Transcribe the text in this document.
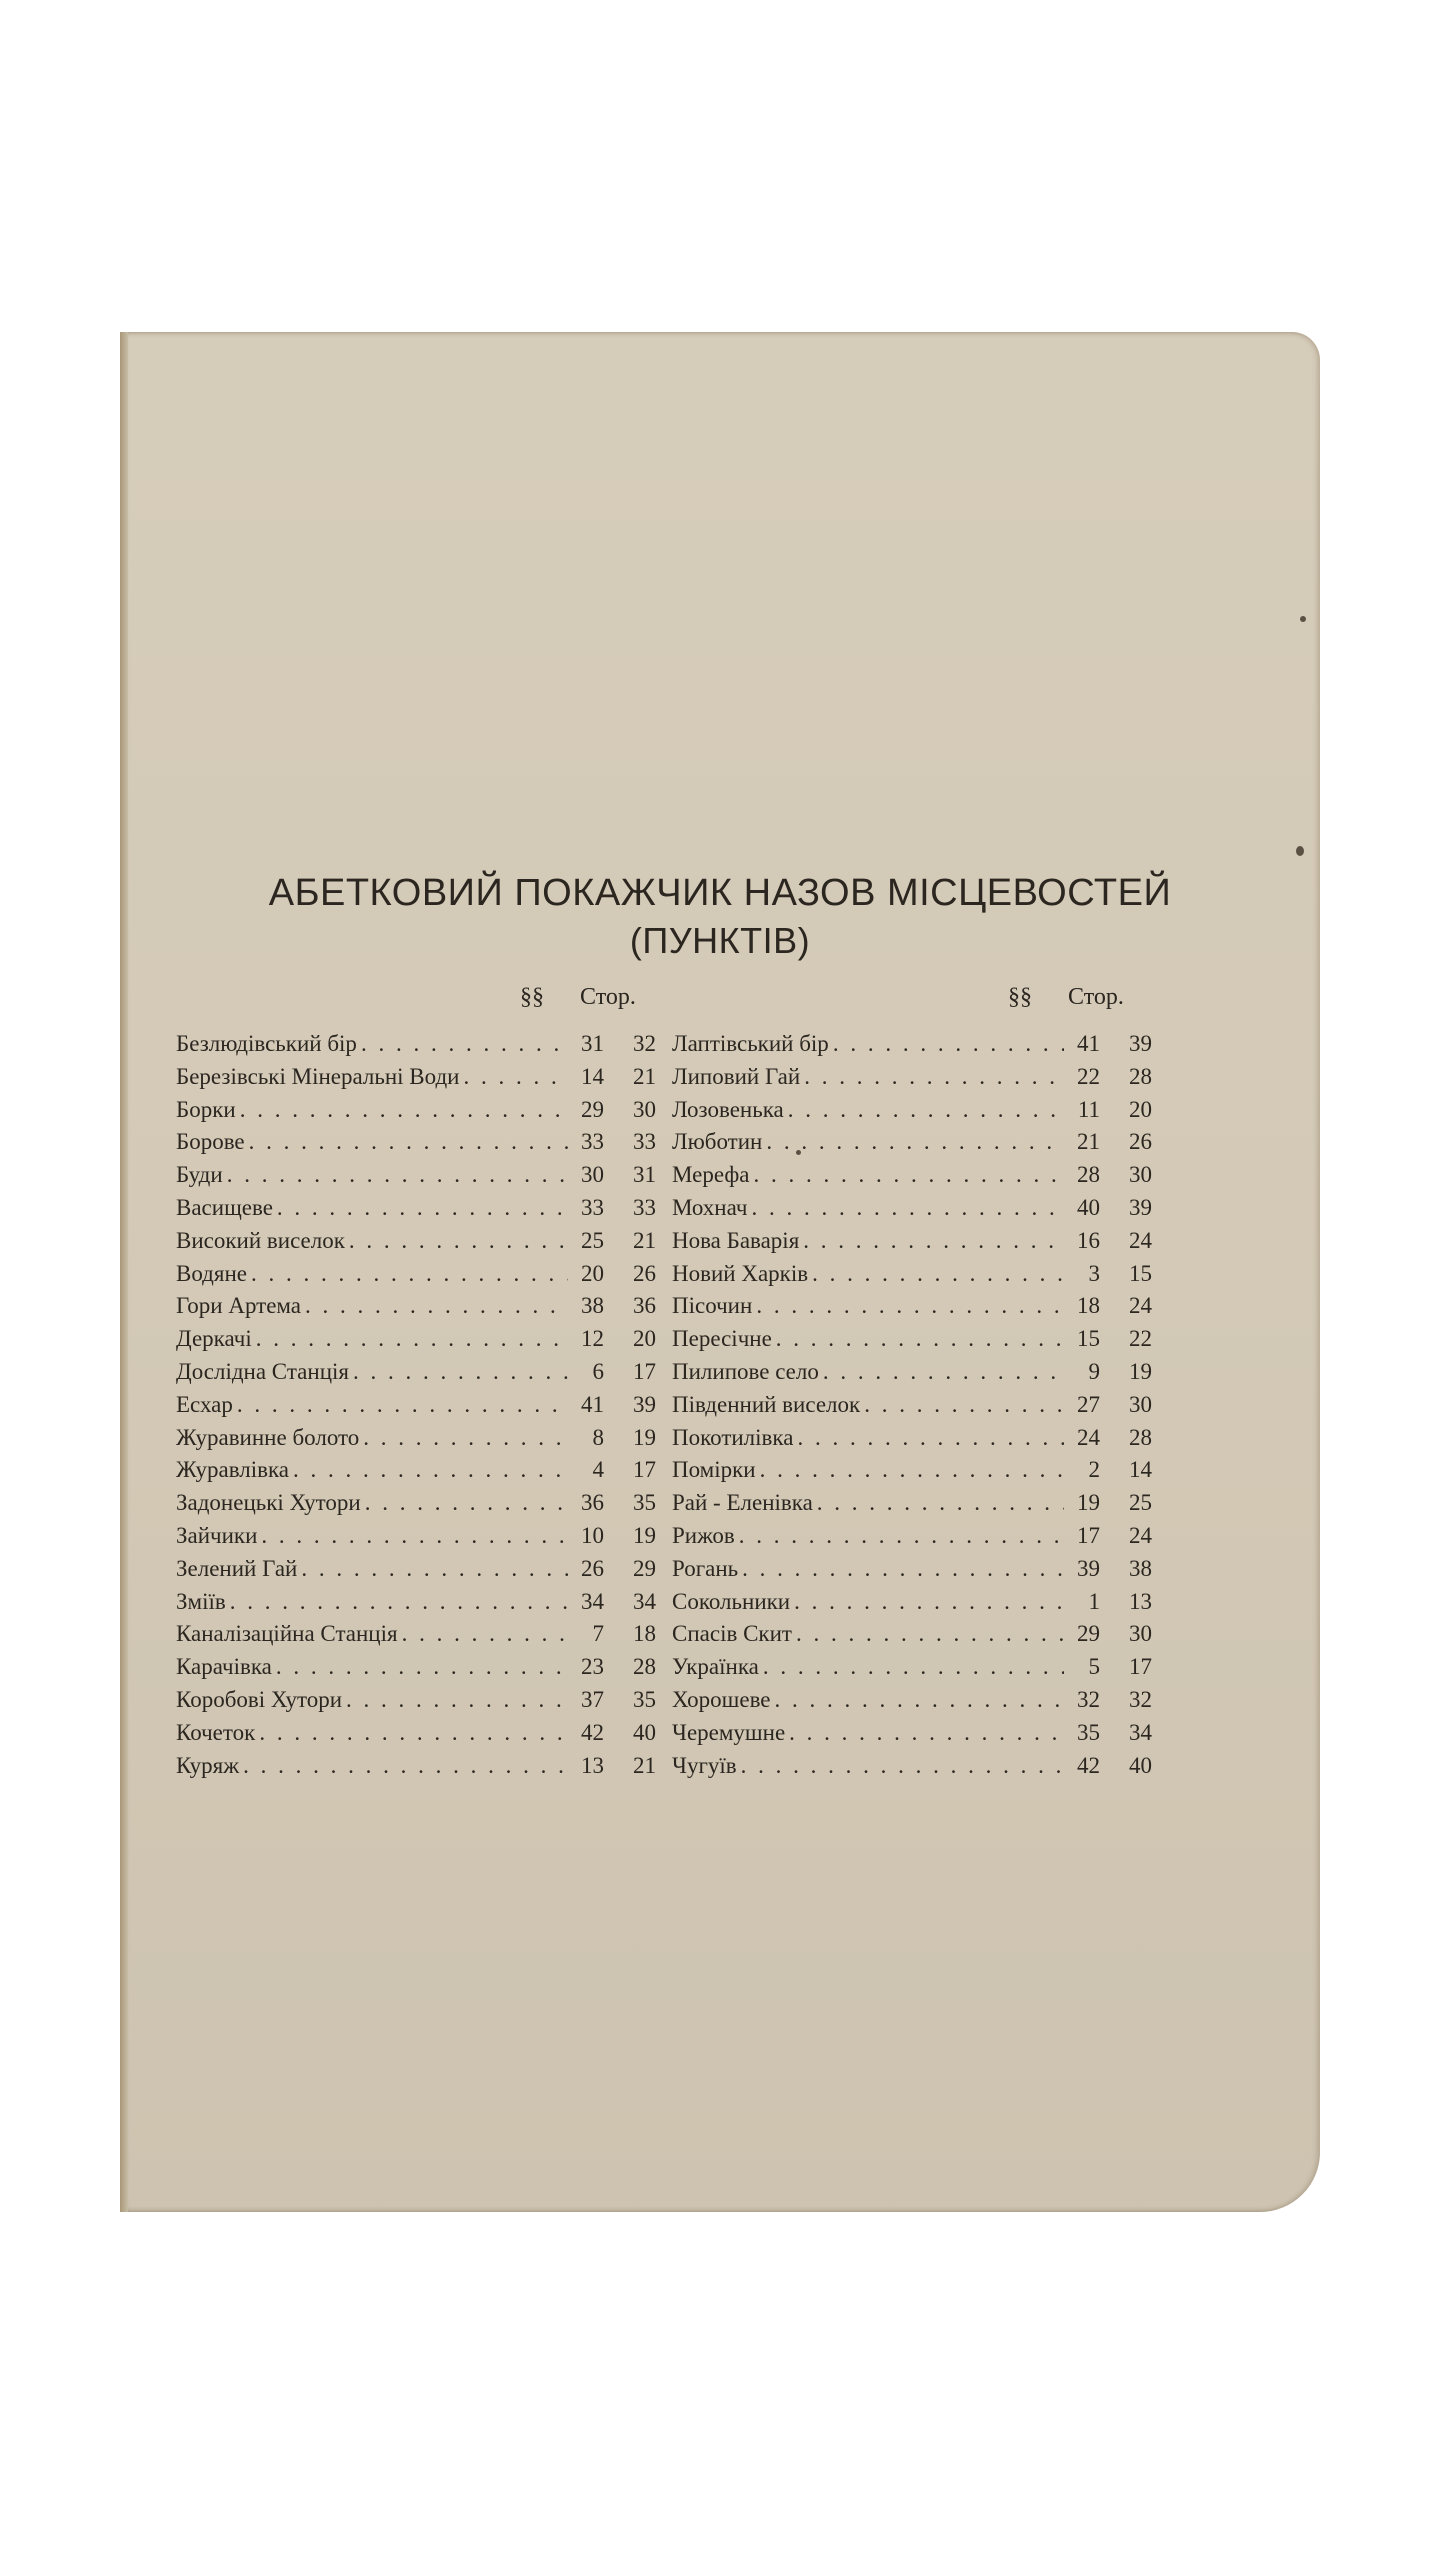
АБЕТКОВИЙ ПОКАЖЧИК НАЗОВ МІСЦЕВОСТЕЙ
(ПУНКТІВ)
§§ Стор.	§§ Стор.
Безлюдівський бір . . .	31	32
Березівські Мінеральні Води . . .	14	21
Борки . . .	29	30
Борове . . .	33	33
Буди . . .	30	31
Васищеве . . .	33	33
Високий виселок . . .	25	21
Водяне . . .	20	26
Гори Артема . . .	38	36
Деркачі . . .	12	20
Дослідна Станція . . .	6	17
Есхар . . .	41	39
Журавинне болото . . .	8	19
Журавлівка . . .	4	17
Задонецькі Хутори . . .	36	35
Зайчики . . .	10	19
Зелений Гай . . .	26	29
Зміїв . . .	34	34
Каналізаційна Станція . . .	7	18
Карачівка . . .	23	28
Коробові Хутори . . .	37	35
Кочеток . . .	42	40
Куряж . . .	13	21
Лаптівський бір . . .	41	39
Липовий Гай . . .	22	28
Лозовенька . . .	11	20
Люботин . . .	21	26
Мерефа . . .	28	30
Мохнач . . .	40	39
Нова Баварія . . .	16	24
Новий Харків . . .	3	15
Пісочин . . .	18	24
Пересічне . . .	15	22
Пилипове село . . .	9	19
Південний виселок . . .	27	30
Покотилівка . . .	24	28
Помірки . . .	2	14
Рай - Еленівка . . .	19	25
Рижов . . .	17	24
Рогань . . .	39	38
Сокольники . . .	1	13
Спасів Скит . . .	29	30
Українка . . .	5	17
Хорошеве . . .	32	32
Черемушне . . .	35	34
Чугуїв . . .	42	40
